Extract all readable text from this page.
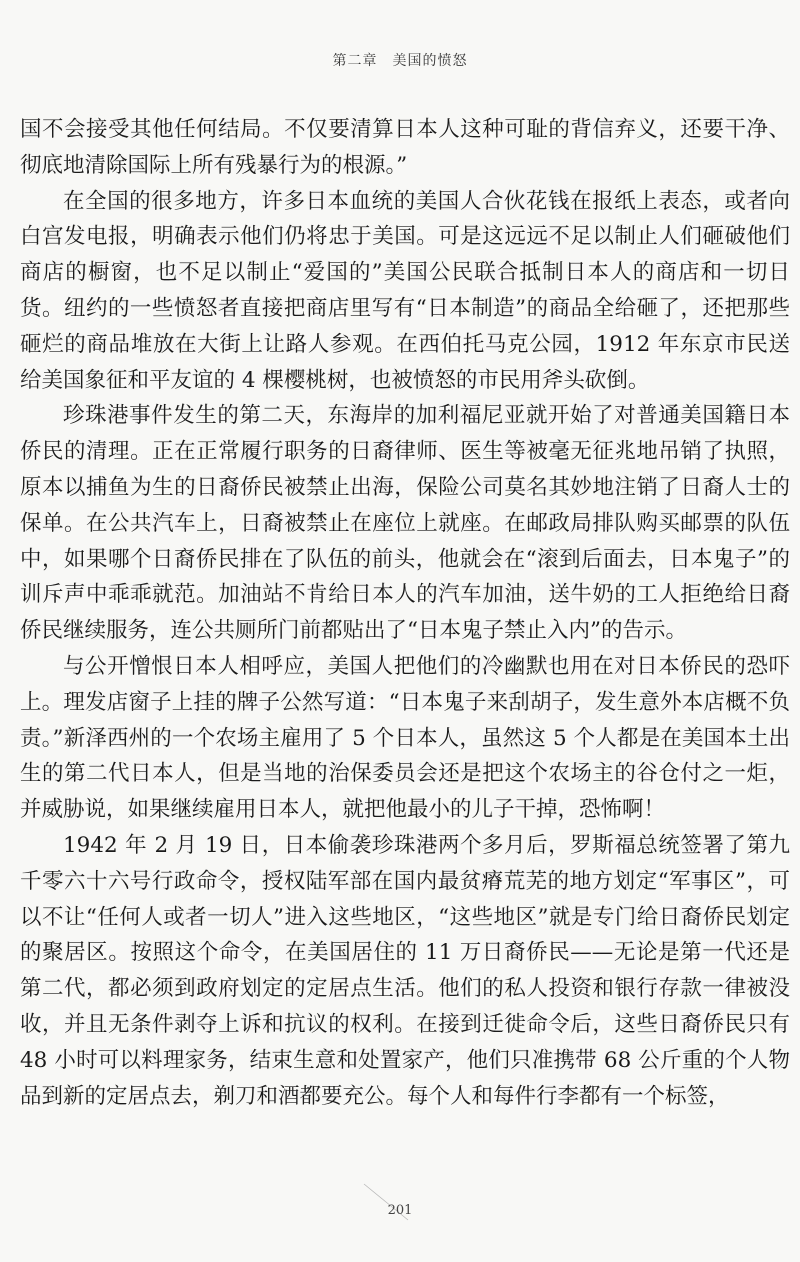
第二章　美国的愤怒

国不会接受其他任何结局。不仅要清算日本人这种可耻的背信弃义，还要干净、彻底地清除国际上所有残暴行为的根源。”

在全国的很多地方，许多日本血统的美国人合伙花钱在报纸上表态，或者向白宫发电报，明确表示他们仍将忠于美国。可是这远远不足以制止人们砸破他们商店的橱窗，也不足以制止“爱国的”美国公民联合抵制日本人的商店和一切日货。纽约的一些愤怒者直接把商店里写有“日本制造”的商品全给砸了，还把那些砸烂的商品堆放在大街上让路人参观。在西伯托马克公园，1912 年东京市民送给美国象征和平友谊的 4 棵樱桃树，也被愤怒的市民用斧头砍倒。

珍珠港事件发生的第二天，东海岸的加利福尼亚就开始了对普通美国籍日本侨民的清理。正在正常履行职务的日裔律师、医生等被毫无征兆地吊销了执照，原本以捕鱼为生的日裔侨民被禁止出海，保险公司莫名其妙地注销了日裔人士的保单。在公共汽车上，日裔被禁止在座位上就座。在邮政局排队购买邮票的队伍中，如果哪个日裔侨民排在了队伍的前头，他就会在“滚到后面去，日本鬼子”的训斥声中乖乖就范。加油站不肯给日本人的汽车加油，送牛奶的工人拒绝给日裔侨民继续服务，连公共厕所门前都贴出了“日本鬼子禁止入内”的告示。

与公开憎恨日本人相呼应，美国人把他们的冷幽默也用在对日本侨民的恐吓上。理发店窗子上挂的牌子公然写道：“日本鬼子来刮胡子，发生意外本店概不负责。”新泽西州的一个农场主雇用了 5 个日本人，虽然这 5 个人都是在美国本土出生的第二代日本人，但是当地的治保委员会还是把这个农场主的谷仓付之一炬，并威胁说，如果继续雇用日本人，就把他最小的儿子干掉，恐怖啊！

1942 年 2 月 19 日，日本偷袭珍珠港两个多月后，罗斯福总统签署了第九千零六十六号行政命令，授权陆军部在国内最贫瘠荒芜的地方划定“军事区”，可以不让“任何人或者一切人”进入这些地区，“这些地区”就是专门给日裔侨民划定的聚居区。按照这个命令，在美国居住的 11 万日裔侨民——无论是第一代还是第二代，都必须到政府划定的定居点生活。他们的私人投资和银行存款一律被没收，并且无条件剥夺上诉和抗议的权利。在接到迁徙命令后，这些日裔侨民只有 48 小时可以料理家务，结束生意和处置家产，他们只准携带 68 公斤重的个人物品到新的定居点去，剃刀和酒都要充公。每个人和每件行李都有一个标签，

201
